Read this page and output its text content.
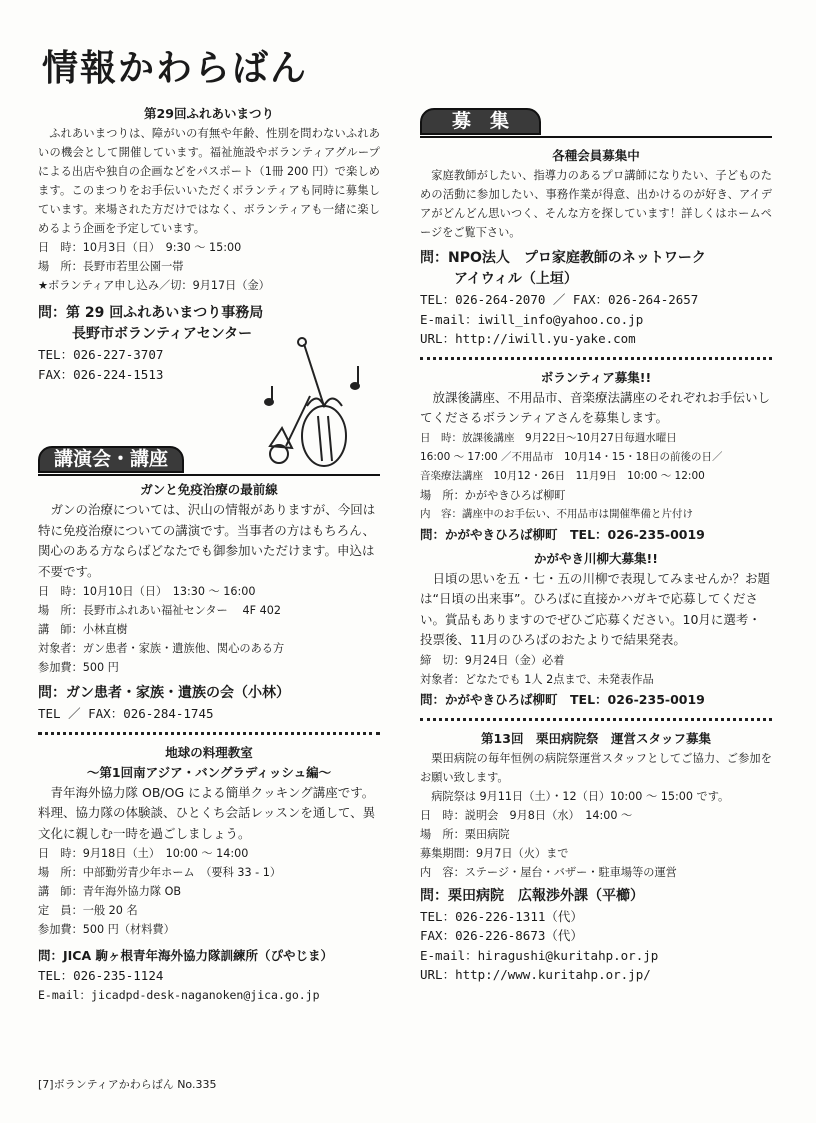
情報かわらばん
第29回ふれあいまつり
ふれあいまつりは、障がいの有無や年齢、性別を問わないふれあいの機会として開催しています。福祉施設やボランティアグループによる出店や独自の企画などをパスポート（1冊 200 円）で楽しめます。このまつりをお手伝いいただくボランティアも同時に募集しています。来場された方だけではなく、ボランティアも一緒に楽しめるよう企画を予定しています。
日　時：10月3日（日）　9:30 ～ 15:00
場　所：長野市若里公園一帯
★ボランティア申し込み／切：9月17日（金）
問：第 29 回ふれあいまつり事務局
長野市ボランティアセンター
TEL：026-227-3707
FAX：026-224-1513
講演会・講座
ガンと免疫治療の最前線
ガンの治療については、沢山の情報がありますが、今回は特に免疫治療についての講演です。当事者の方はもちろん、関心のある方ならばどなたでも御参加いただけます。申込は不要です。
日　時：10月10日（日）　13:30 ～ 16:00
場　所：長野市ふれあい福祉センター　 4F 402
講　師：小林直樹
対象者：ガン患者・家族・遺族他、関心のある方
参加費：500 円
問：ガン患者・家族・遺族の会（小林）
TEL ／ FAX：026-284-1745
地球の料理教室
～第1回南アジア・バングラディッシュ編～
青年海外協力隊 OB/OG による簡単クッキング講座です。料理、協力隊の体験談、ひとくち会話レッスンを通して、異文化に親しむ一時を過ごしましょう。
日　時：9月18日（土）　10:00 ～ 14:00
場　所：中部勤労青少年ホーム　（要科 33 - 1）
講　師：青年海外協力隊 OB
定　員：一般 20 名
参加費：500 円（材料費）
問：JICA 駒ヶ根青年海外協力隊訓練所（ぴやじま）
TEL：026-235-1124
E-mail：jicadpd-desk-naganoken@jica.go.jp
募　集
各種会員募集中
家庭教師がしたい、指導力のあるプロ講師になりたい、子どものための活動に参加したい、事務作業が得意、出かけるのが好き、アイデアがどんどん思いつく、そんな方を探しています！詳しくはホームページをご覧下さい。
問：NPO法人　プロ家庭教師のネットワーク
アイウィル（上垣）
TEL：026-264-2070 ／ FAX：026-264-2657
E-mail：iwill_info@yahoo.co.jp
URL：http://iwill.yu-yake.com
ボランティア募集!!
放課後講座、不用品市、音楽療法講座のそれぞれお手伝いしてくださるボランティアさんを募集します。
日　時：放課後講座　9月22日～10月27日毎週水曜日
16:00 ～ 17:00 ／不用品市　10月14・15・18日の前後の日／
音楽療法講座　10月12・26日　11月9日　10:00 ～ 12:00
場　所：かがやきひろば柳町
内　容：講座中のお手伝い、不用品市は開催準備と片付け
問：かがやきひろば柳町　TEL：026-235-0019
かがやき川柳大募集!!
日頃の思いを五・七・五の川柳で表現してみませんか？お題は“日頃の出来事”。ひろばに直接かハガキで応募してください。賞品もありますのでぜひご応募ください。10月に選考・投票後、11月のひろばのおたよりで結果発表。
締　切：9月24日（金）必着
対象者：どなたでも 1人 2点まで、未発表作品
問：かがやきひろば柳町　TEL：026-235-0019
第13回　栗田病院祭　運営スタッフ募集
栗田病院の毎年恒例の病院祭運営スタッフとしてご協力、ご参加をお願い致します。
病院祭は 9月11日（土）・12（日）10:00 ～ 15:00 です。
日　時：説明会　9月8日（水）　14:00 ～
場　所：栗田病院
募集期間：9月7日（火）まで
内　容：ステージ・屋台・バザー・駐車場等の運営
問：栗田病院　広報渉外課（平櫛）
TEL：026-226-1311（代）
FAX：026-226-8673（代）
E-mail：hiragushi@kuritahp.or.jp
URL：http://www.kuritahp.or.jp/
[7]ボランティアかわらばん No.335
